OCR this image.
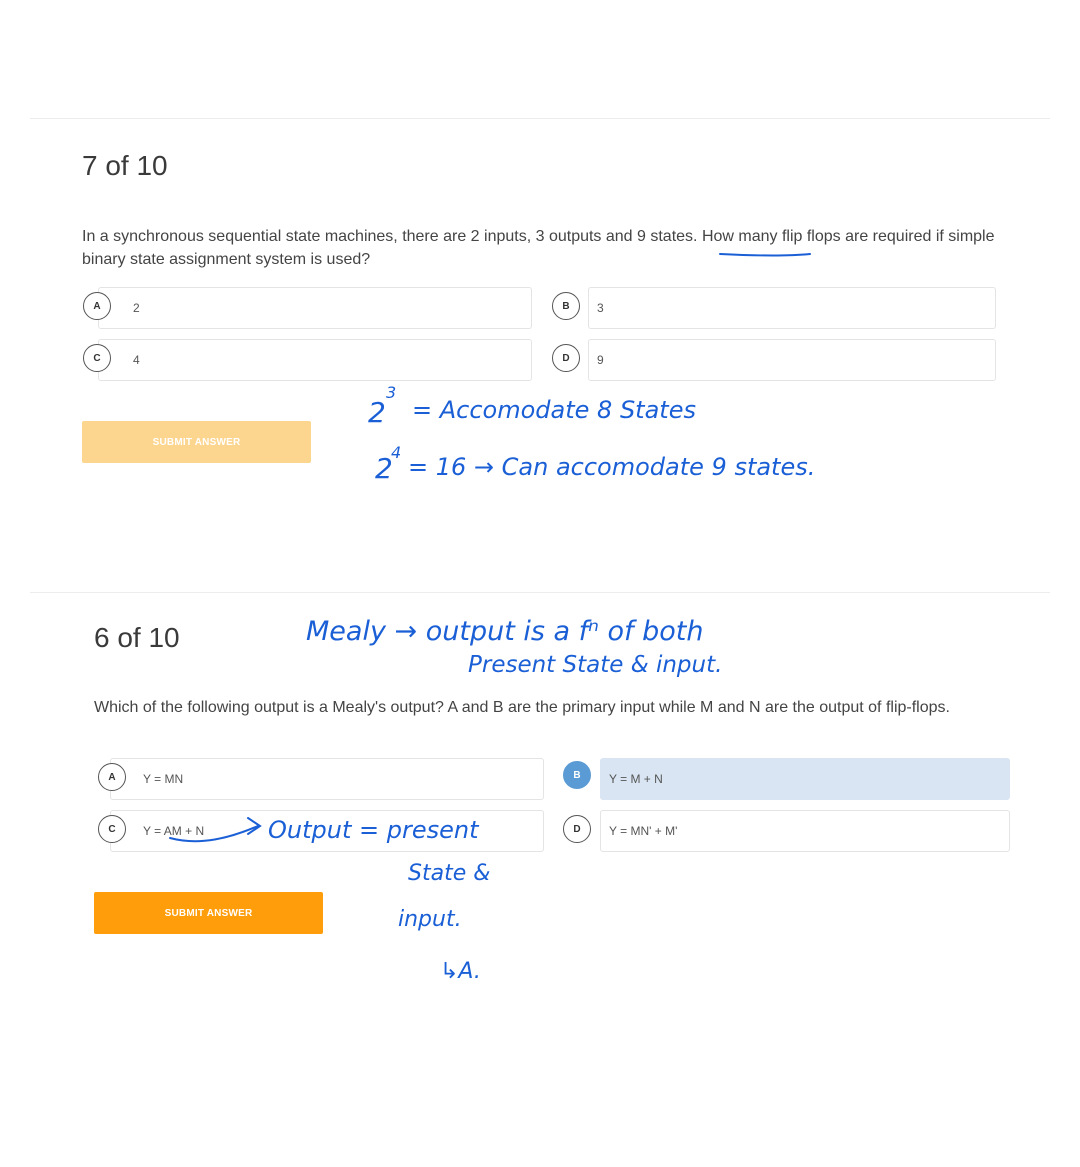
7 of 10
In a synchronous sequential state machines, there are 2 inputs, 3 outputs and 9 states. How many flip flops are required if simple binary state assignment system is used?
2
A	3
B
4
C	9
D
SUBMIT ANSWER
6 of 10
Which of the following output is a Mealy's output? A and B are the primary input while M and N are the output of flip-flops.
Y = MN
A	Y = M + N
B
Y = AM + N
C	Y = MN' + M'
D
SUBMIT ANSWER
2
3
= Accomodate 8 States
2
4
= 16 → Can accomodate 9 states.
Mealy → output is a fⁿ of both
Present State & input.
Output = present
State &
input.
↳A.
